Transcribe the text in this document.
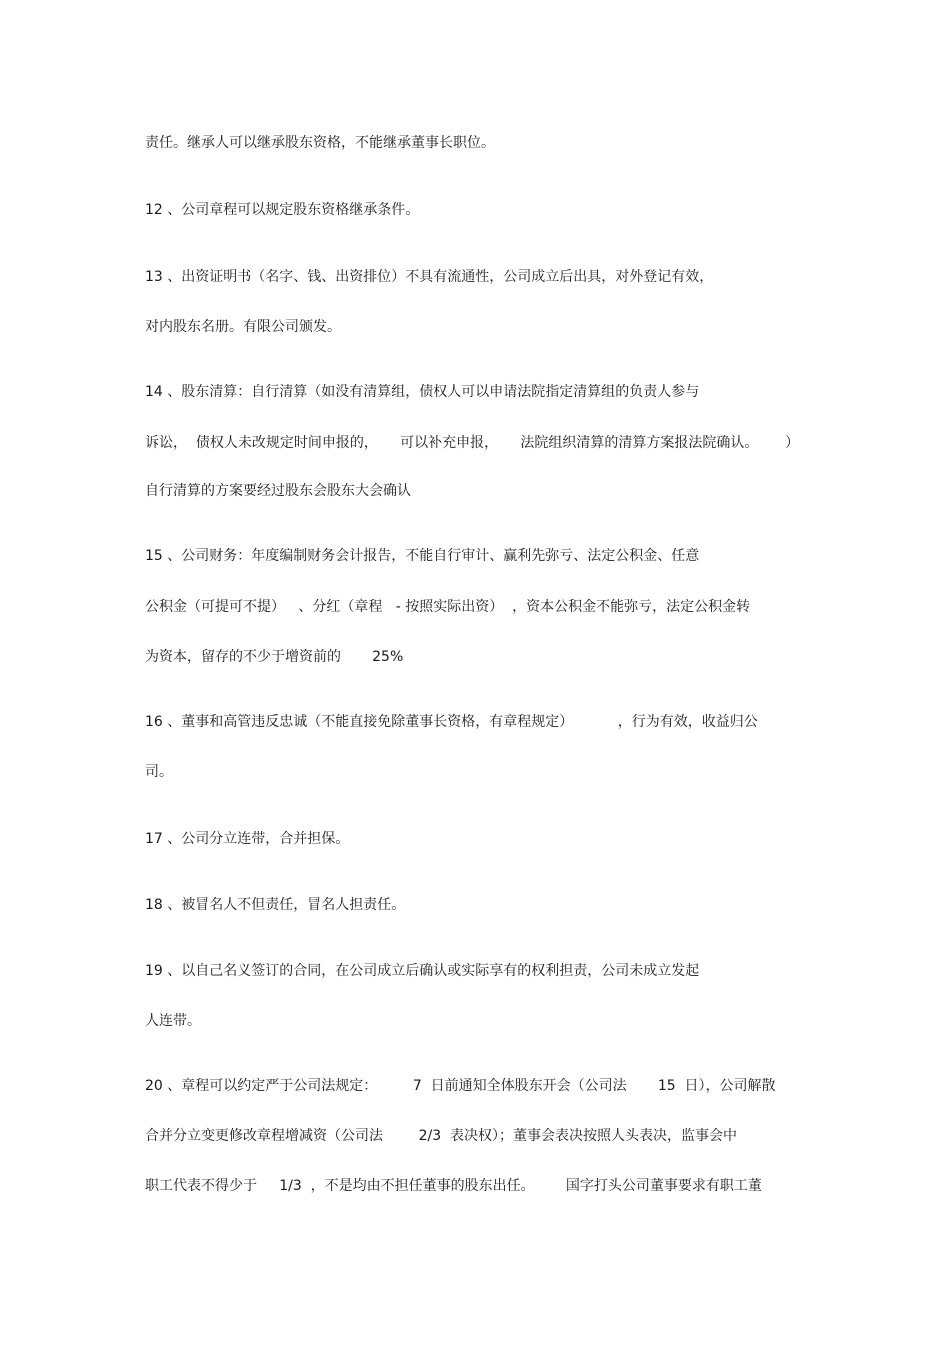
责任。继承人可以继承股东资格，不能继承董事长职位。

12 、公司章程可以规定股东资格继承条件。

13 、出资证明书（名字、钱、出资排位）不具有流通性，公司成立后出具，对外登记有效，

对内股东名册。有限公司颁发。

14 、股东清算：自行清算（如没有清算组，债权人可以申请法院指定清算组的负责人参与

诉讼，  债权人未改规定时间申报的，     可以补充申报，     法院组织清算的清算方案报法院确认。      ）

自行清算的方案要经过股东会股东大会确认

15 、公司财务：年度编制财务会计报告，不能自行审计、赢利先弥亏、法定公积金、任意

公积金（可提可不提）   、分红（章程   - 按照实际出资）  ，资本公积金不能弥亏，法定公积金转

为资本，留存的不少于增资前的       25%

16 、董事和高管违反忠诚（不能直接免除董事长资格，有章程规定）          ，行为有效，收益归公

司。

17 、公司分立连带，合并担保。

18 、被冒名人不但责任，冒名人担责任。

19 、以自己名义签订的合同，在公司成立后确认或实际享有的权利担责，公司未成立发起

人连带。

20 、章程可以约定严于公司法规定：        7  日前通知全体股东开会（公司法       15  日），公司解散

合并分立变更修改章程增减资（公司法        2/3  表决权）；董事会表决按照人头表决，监事会中

职工代表不得少于     1/3  ，不是均由不担任董事的股东出任。       国字打头公司董事要求有职工董
